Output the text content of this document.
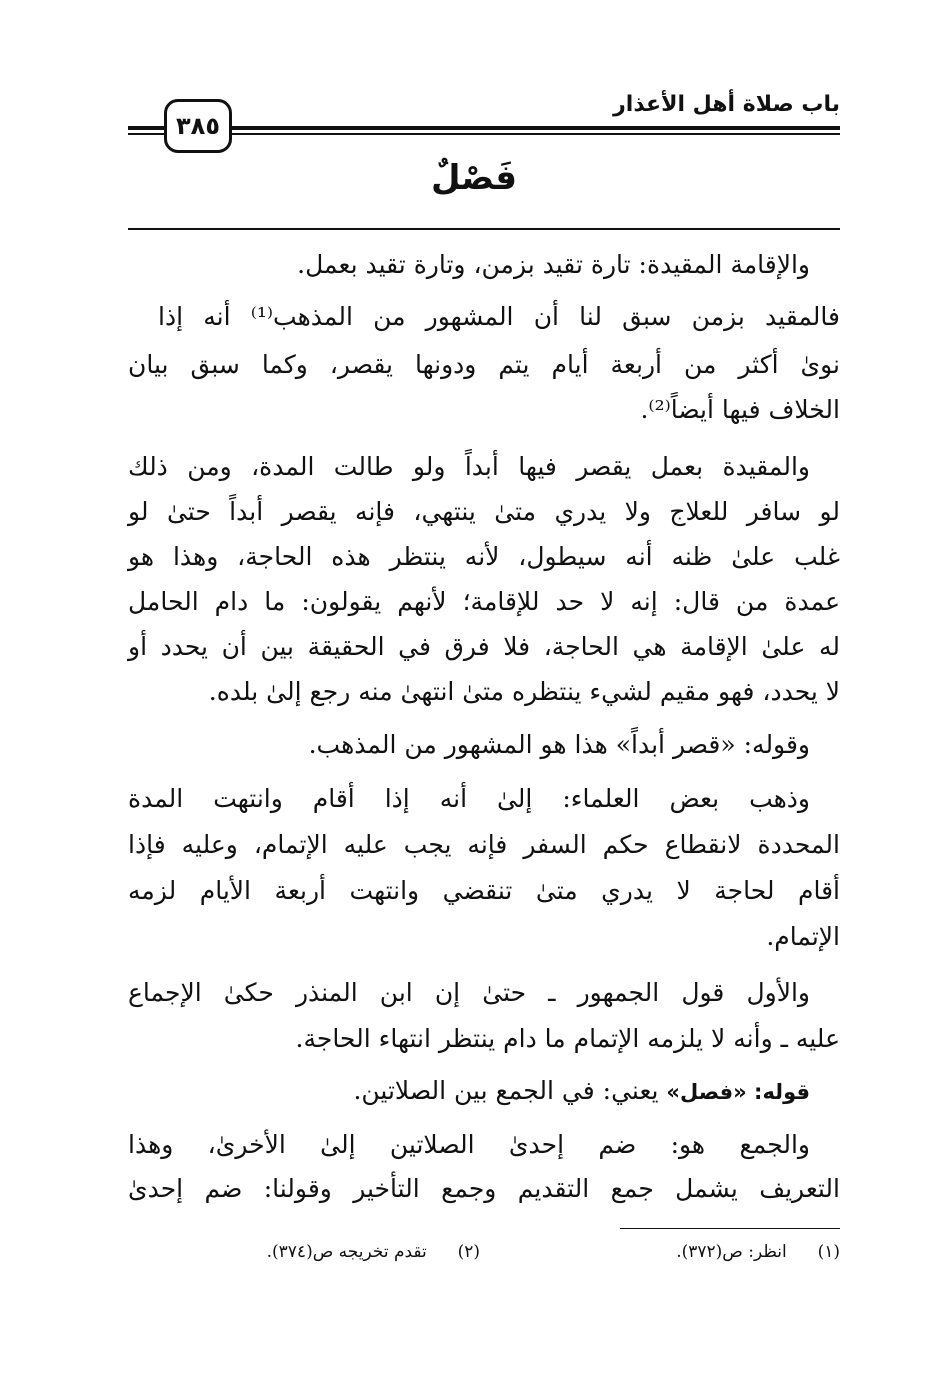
باب صلاة أهل الأعذار
٣٨٥
فَصْلٌ
والإقامة المقيدة: تارة تقيد بزمن، وتارة تقيد بعمل.
فالمقيد بزمن سبق لنا أن المشهور من المذهب⁽¹⁾ أنه إذا
نوىٰ أكثر من أربعة أيام يتم ودونها يقصر، وكما سبق بيان
الخلاف فيها أيضاً⁽²⁾.
والمقيدة بعمل يقصر فيها أبداً ولو طالت المدة، ومن ذلك
لو سافر للعلاج ولا يدري متىٰ ينتهي، فإنه يقصر أبداً حتىٰ لو
غلب علىٰ ظنه أنه سيطول، لأنه ينتظر هذه الحاجة، وهذا هو
عمدة من قال: إنه لا حد للإقامة؛ لأنهم يقولون: ما دام الحامل
له علىٰ الإقامة هي الحاجة، فلا فرق في الحقيقة بين أن يحدد أو
لا يحدد، فهو مقيم لشيء ينتظره متىٰ انتهىٰ منه رجع إلىٰ بلده.
وقوله: «قصر أبداً» هذا هو المشهور من المذهب.
وذهب بعض العلماء: إلىٰ أنه إذا أقام وانتهت المدة
المحددة لانقطاع حكم السفر فإنه يجب عليه الإتمام، وعليه فإذا
أقام لحاجة لا يدري متىٰ تنقضي وانتهت أربعة الأيام لزمه
الإتمام.
والأول قول الجمهور ـ حتىٰ إن ابن المنذر حكىٰ الإجماع
عليه ـ وأنه لا يلزمه الإتمام ما دام ينتظر انتهاء الحاجة.
قوله: «فصل» يعني: في الجمع بين الصلاتين.
والجمع هو: ضم إحدىٰ الصلاتين إلىٰ الأخرىٰ، وهذا
التعريف يشمل جمع التقديم وجمع التأخير وقولنا: ضم إحدىٰ
(١)  انظر: ص(٣٧٢).
(٢)  تقدم تخريجه ص(٣٧٤).
